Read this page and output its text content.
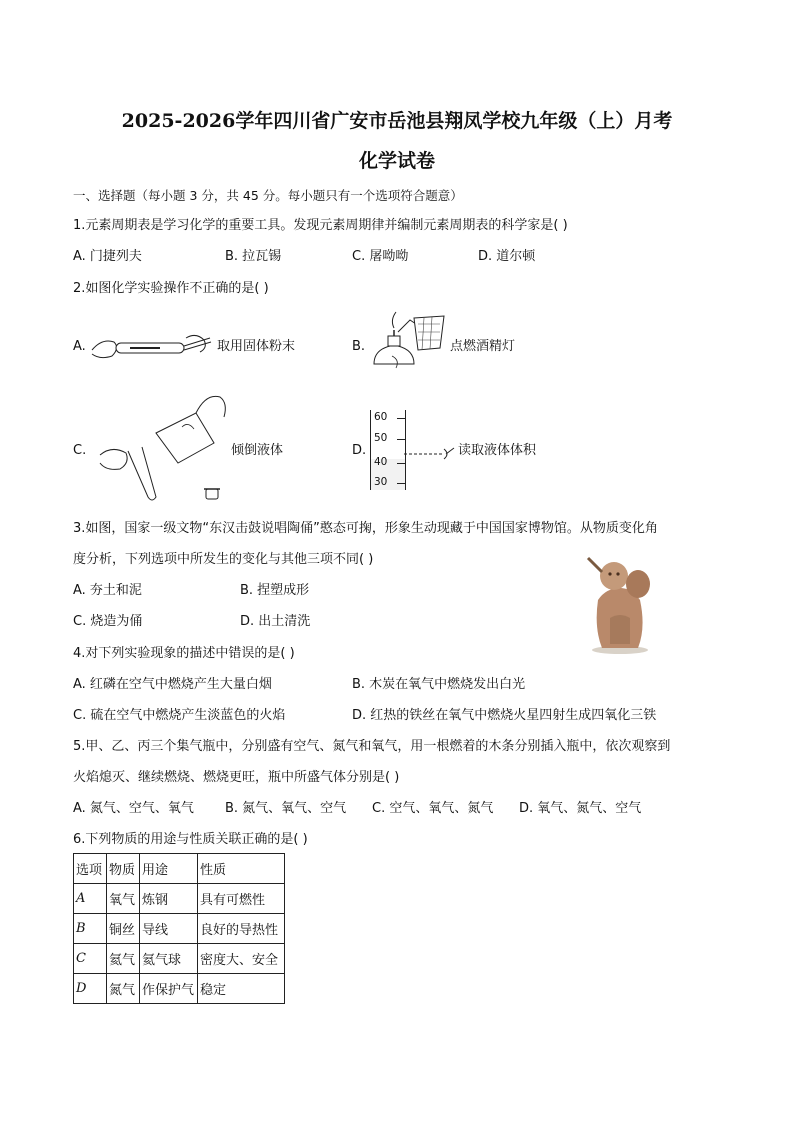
2025-2026学年四川省广安市岳池县翔凤学校九年级（上）月考
化学试卷
一、选择题（每小题 3 分，共 45 分。每小题只有一个选项符合题意）
1.元素周期表是学习化学的重要工具。发现元素周期律并编制元素周期表的科学家是( )
A. 门捷列夫	B. 拉瓦锡	C. 屠呦呦	D. 道尔顿
2.如图化学实验操作不正确的是( )
A.	取用固体粉末	B.	点燃酒精灯
C.	倾倒液体	D.
60
50
40
30
读取液体体积
3.如图，国家一级文物“东汉击鼓说唱陶俑”憨态可掬，形象生动现藏于中国国家博物馆。从物质变化角
度分析，下列选项中所发生的变化与其他三项不同( )
A. 夯土和泥	B. 捏塑成形
C. 烧造为俑	D. 出土清洗
4.对下列实验现象的描述中错误的是( )
A. 红磷在空气中燃烧产生大量白烟	B. 木炭在氧气中燃烧发出白光
C. 硫在空气中燃烧产生淡蓝色的火焰	D. 红热的铁丝在氧气中燃烧火星四射生成四氧化三铁
5.甲、乙、丙三个集气瓶中，分别盛有空气、氮气和氧气，用一根燃着的木条分别插入瓶中，依次观察到
火焰熄灭、继续燃烧、燃烧更旺，瓶中所盛气体分别是( )
A. 氮气、空气、氧气 B. 氮气、氧气、空气 C. 空气、氧气、氮气 D. 氧气、氮气、空气
6.下列物质的用途与性质关联正确的是( )
选项	物质	用途	性质
A	氧气	炼钢	具有可燃性
B	铜丝	导线	良好的导热性
C	氦气	氦气球	密度大、安全
D	氮气	作保护气	稳定
